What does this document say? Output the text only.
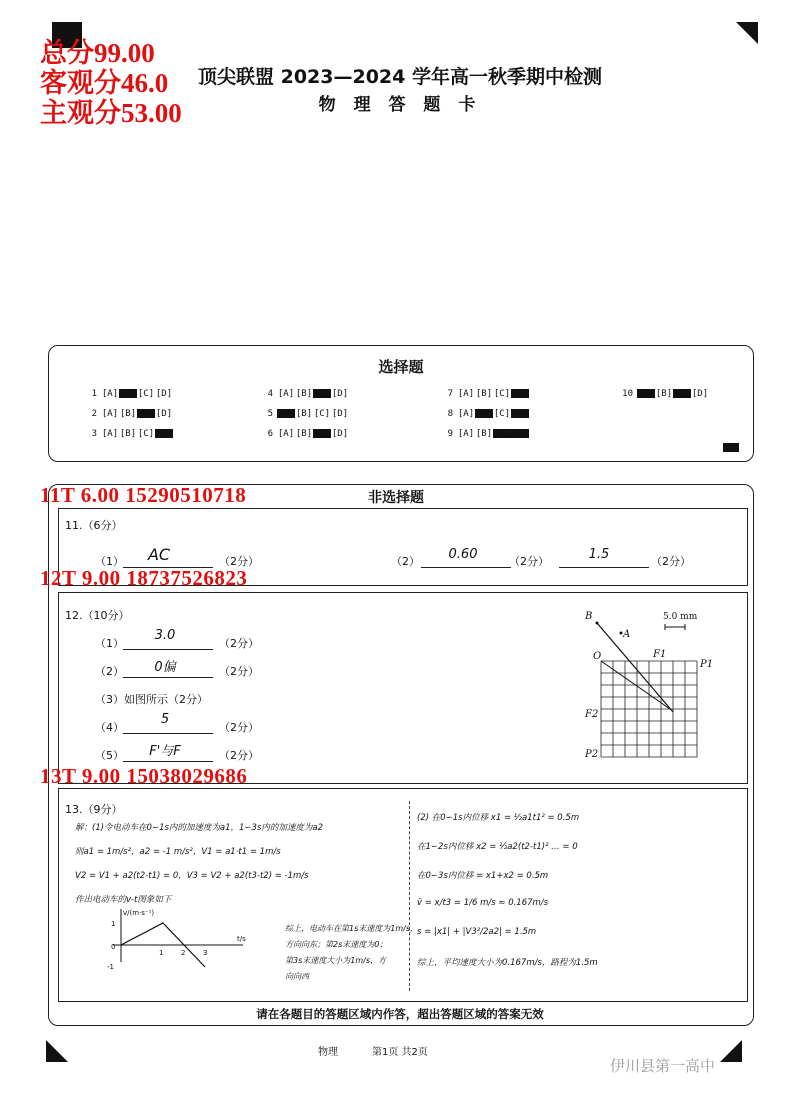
总分99.00
客观分46.0
主观分53.00
顶尖联盟 2023—2024 学年高一秋季期中检测
物 理 答 题 卡
选择题
1 [A] [B] [C] [D]
2 [A] [B] [C] [D]
3 [A] [B] [C] [D]
4 [A] [B] [C] [D]
5 [A] [B] [C] [D]
6 [A] [B] [C] [D]
7 [A] [B] [C] [D]
8 [A] [B] [C] [D]
9 [A] [B] [C] [D]
10 [A] [B] [C] [D]
非选择题
11T 6.00 15290510718
11.（6分）
（1）	AC	（2分）	（2）	0.60	（2分）	1.5	（2分）
12T 9.00 18737526823
12.（10分）
（1）
3.0
（2分）
（2）	0偏	（2分）
（3）如图所示（2分）
（4）
5
（2分）
（5）	F'与F	（2分）
B
A
O	F1
P1
F2
P2
5.0 mm
13T 9.00 15038029686
13.（9分）
解：(1)令电动车在0∽1s内的加速度为a1，1∽3s内的加速度为a2
则a1 = 1m/s²，a2 = -1 m/s²，V1 = a1·t1 = 1m/s
V2 = V1 + a2(t2-t1) = 0，V3 = V2 + a2(t3-t2) = -1m/s
作出电动车的v-t图象如下
v/(m·s⁻¹)
t/s
0
1	2	3
1
-1
综上，电动车在第1s末速度为1m/s，
方向向东；第2s末速度为0；
第3s末速度大小为1m/s，方
向向西
(2) 在0∽1s内位移 x1 = ½a1t1² = 0.5m
在1∽2s内位移 x2 = ½a2(t2-t1)² … = 0
在0∽3s内位移 = x1+x2 = 0.5m
v̄ = x/t3 = 1/6 m/s ≈ 0.167m/s
s = |x1| + |V3²/2a2| = 1.5m
综上，平均速度大小为0.167m/s，路程为1.5m
请在各题目的答题区域内作答，超出答题区域的答案无效
物理	第1页 共2页
伊川县第一高中
